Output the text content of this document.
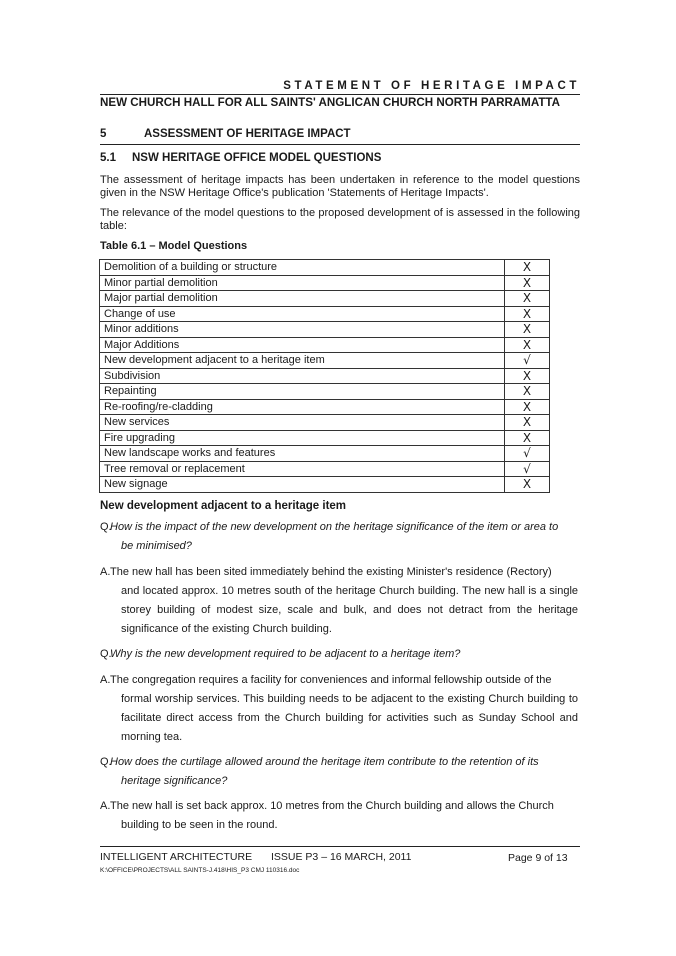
STATEMENT OF HERITAGE IMPACT
NEW CHURCH HALL FOR ALL SAINTS' ANGLICAN CHURCH NORTH PARRAMATTA
5	ASSESSMENT OF HERITAGE IMPACT
5.1 NSW HERITAGE OFFICE MODEL QUESTIONS
The assessment of heritage impacts has been undertaken in reference to the model questions given in the NSW Heritage Office's publication 'Statements of Heritage Impacts'.
The relevance of the model questions to the proposed development of is assessed in the following table:
Table 6.1 – Model Questions
Demolition of a building or structure	X
Minor partial demolition	X
Major partial demolition	X
Change of use	X
Minor additions	X
Major Additions	X
New development adjacent to a heritage item	√
Subdivision	X
Repainting	X
Re-roofing/re-cladding	X
New services	X
Fire upgrading	X
New landscape works and features	√
Tree removal or replacement	√
New signage	X
New development adjacent to a heritage item
Q.
How is the impact of the new development on the heritage significance of the item or area to
be minimised?
A. The new hall has been sited immediately behind the existing Minister's residence (Rectory)
and located approx. 10 metres south of the heritage Church building. The new hall is a single storey building of modest size, scale and bulk, and does not detract from the heritage significance of the existing Church building.
Q.
Why is the new development required to be adjacent to a heritage item?
A. The congregation requires a facility for conveniences and informal fellowship outside of the
formal worship services. This building needs to be adjacent to the existing Church building to facilitate direct access from the Church building for activities such as Sunday School and morning tea.
Q.
How does the curtilage allowed around the heritage item contribute to the retention of its
heritage significance?
A. The new hall is set back approx. 10 metres from the Church building and allows the Church
building to be seen in the round.
INTELLIGENT ARCHITECTURE ISSUE P3 – 16 MARCH, 2011	Page 9 of 13
K:\OFFICE\PROJECTS\ALL SAINTS-J.418\HIS_P3 CMJ 110316.doc
